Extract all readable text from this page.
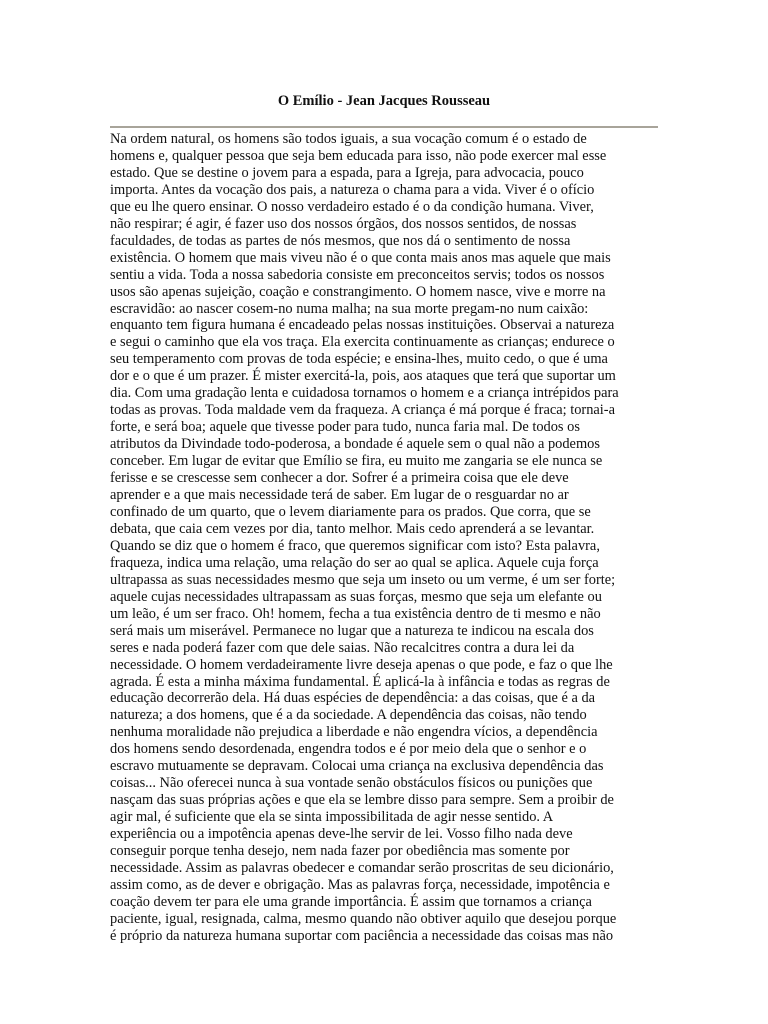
O Emílio - Jean Jacques Rousseau
Na ordem natural, os homens são todos iguais, a sua vocação comum é o estado de
homens e, qualquer pessoa que seja bem educada para isso, não pode exercer mal esse
estado. Que se destine o jovem para a espada, para a Igreja, para advocacia, pouco
importa. Antes da vocação dos pais, a natureza o chama para a vida. Viver é o ofício
que eu lhe quero ensinar. O nosso verdadeiro estado é o da condição humana. Viver,
não respirar; é agir, é fazer uso dos nossos órgãos, dos nossos sentidos, de nossas
faculdades, de todas as partes de nós mesmos, que nos dá o sentimento de nossa
existência. O homem que mais viveu não é o que conta mais anos mas aquele que mais
sentiu a vida. Toda a nossa sabedoria consiste em preconceitos servis; todos os nossos
usos são apenas sujeição, coação e constrangimento. O homem nasce, vive e morre na
escravidão: ao nascer cosem-no numa malha; na sua morte pregam-no num caixão:
enquanto tem figura humana é encadeado pelas nossas instituições. Observai a natureza
e segui o caminho que ela vos traça. Ela exercita continuamente as crianças; endurece o
seu temperamento com provas de toda espécie; e ensina-lhes, muito cedo, o que é uma
dor e o que é um prazer. É mister exercitá-la, pois, aos ataques que terá que suportar um
dia. Com uma gradação lenta e cuidadosa tornamos o homem e a criança intrépidos para
todas as provas. Toda maldade vem da fraqueza. A criança é má porque é fraca; tornai-a
forte, e será boa; aquele que tivesse poder para tudo, nunca faria mal. De todos os
atributos da Divindade todo-poderosa, a bondade é aquele sem o qual não a podemos
conceber. Em lugar de evitar que Emílio se fira, eu muito me zangaria se ele nunca se
ferisse e se crescesse sem conhecer a dor. Sofrer é a primeira coisa que ele deve
aprender e a que mais necessidade terá de saber. Em lugar de o resguardar no ar
confinado de um quarto, que o levem diariamente para os prados. Que corra, que se
debata, que caia cem vezes por dia, tanto melhor. Mais cedo aprenderá a se levantar.
Quando se diz que o homem é fraco, que queremos significar com isto? Esta palavra,
fraqueza, indica uma relação, uma relação do ser ao qual se aplica. Aquele cuja força
ultrapassa as suas necessidades mesmo que seja um inseto ou um verme, é um ser forte;
aquele cujas necessidades ultrapassam as suas forças, mesmo que seja um elefante ou
um leão, é um ser fraco. Oh! homem, fecha a tua existência dentro de ti mesmo e não
será mais um miserável. Permanece no lugar que a natureza te indicou na escala dos
seres e nada poderá fazer com que dele saias. Não recalcitres contra a dura lei da
necessidade. O homem verdadeiramente livre deseja apenas o que pode, e faz o que lhe
agrada. É esta a minha máxima fundamental. É aplicá-la à infância e todas as regras de
educação decorrerão dela. Há duas espécies de dependência: a das coisas, que é a da
natureza; a dos homens, que é a da sociedade. A dependência das coisas, não tendo
nenhuma moralidade não prejudica a liberdade e não engendra vícios, a dependência
dos homens sendo desordenada, engendra todos e é por meio dela que o senhor e o
escravo mutuamente se depravam. Colocai uma criança na exclusiva dependência das
coisas... Não oferecei nunca à sua vontade senão obstáculos físicos ou punições que
nasçam das suas próprias ações e que ela se lembre disso para sempre. Sem a proibir de
agir mal, é suficiente que ela se sinta impossibilitada de agir nesse sentido. A
experiência ou a impotência apenas deve-lhe servir de lei. Vosso filho nada deve
conseguir porque tenha desejo, nem nada fazer por obediência mas somente por
necessidade. Assim as palavras obedecer e comandar serão proscritas de seu dicionário,
assim como, as de dever e obrigação. Mas as palavras força, necessidade, impotência e
coação devem ter para ele uma grande importância. É assim que tornamos a criança
paciente, igual, resignada, calma, mesmo quando não obtiver aquilo que desejou porque
é próprio da natureza humana suportar com paciência a necessidade das coisas mas não
